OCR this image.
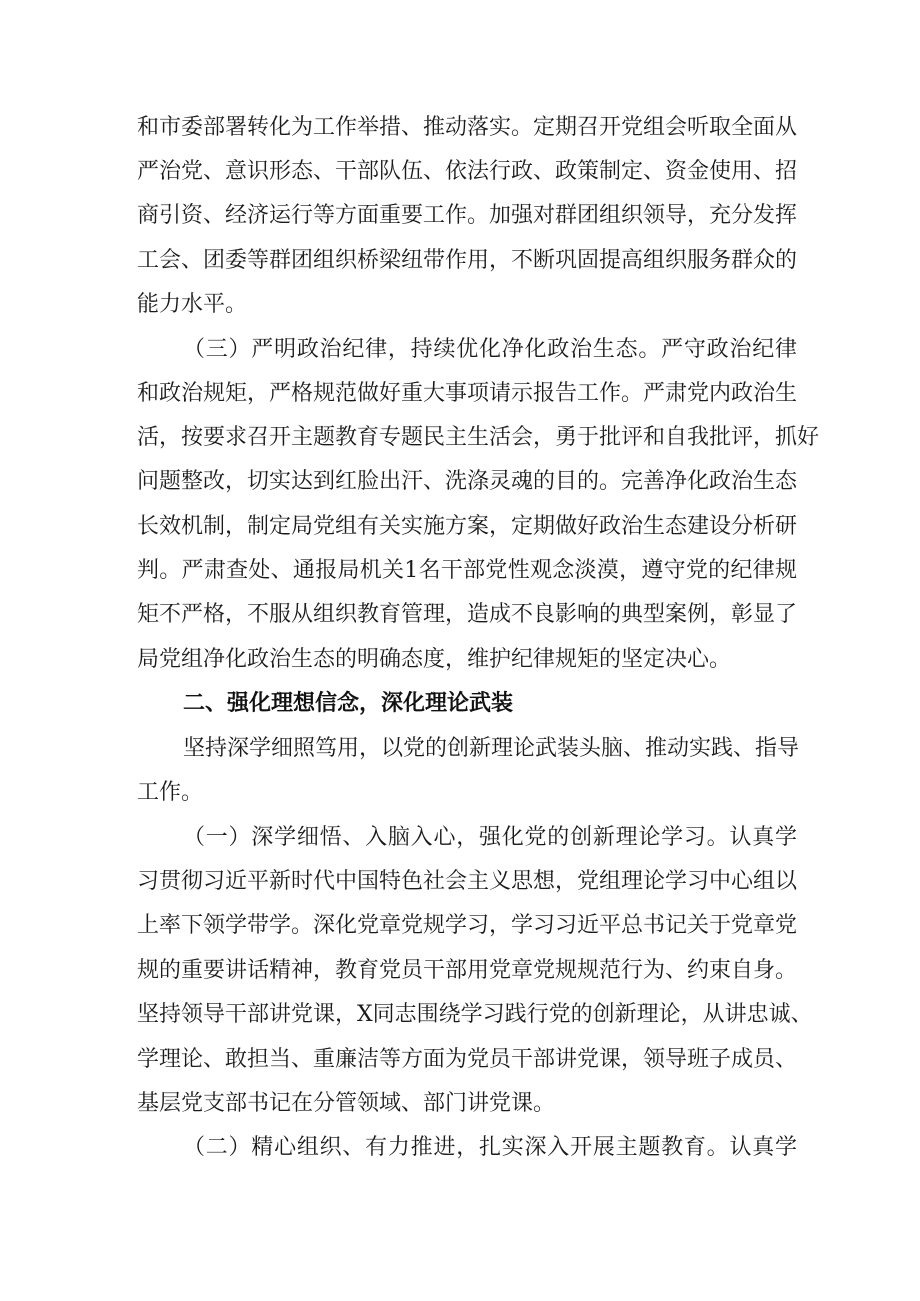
和市委部署转化为工作举措、推动落实。定期召开党组会听取全面从

严治党、意识形态、干部队伍、依法行政、政策制定、资金使用、招

商引资、经济运行等方面重要工作。加强对群团组织领导，充分发挥

工会、团委等群团组织桥梁纽带作用，不断巩固提高组织服务群众的

能力水平。

（三）严明政治纪律，持续优化净化政治生态。严守政治纪律

和政治规矩，严格规范做好重大事项请示报告工作。严肃党内政治生

活，按要求召开主题教育专题民主生活会，勇于批评和自我批评，抓好

问题整改，切实达到红脸出汗、洗涤灵魂的目的。完善净化政治生态

长效机制，制定局党组有关实施方案，定期做好政治生态建设分析研

判。严肃查处、通报局机关1名干部党性观念淡漠，遵守党的纪律规

矩不严格，不服从组织教育管理，造成不良影响的典型案例，彰显了

局党组净化政治生态的明确态度，维护纪律规矩的坚定决心。

二、强化理想信念，深化理论武装

坚持深学细照笃用，以党的创新理论武装头脑、推动实践、指导

工作。

（一）深学细悟、入脑入心，强化党的创新理论学习。认真学

习贯彻习近平新时代中国特色社会主义思想，党组理论学习中心组以

上率下领学带学。深化党章党规学习，学习习近平总书记关于党章党

规的重要讲话精神，教育党员干部用党章党规规范行为、约束自身。

坚持领导干部讲党课，X同志围绕学习践行党的创新理论，从讲忠诚、

学理论、敢担当、重廉洁等方面为党员干部讲党课，领导班子成员、

基层党支部书记在分管领域、部门讲党课。

（二）精心组织、有力推进，扎实深入开展主题教育。认真学
